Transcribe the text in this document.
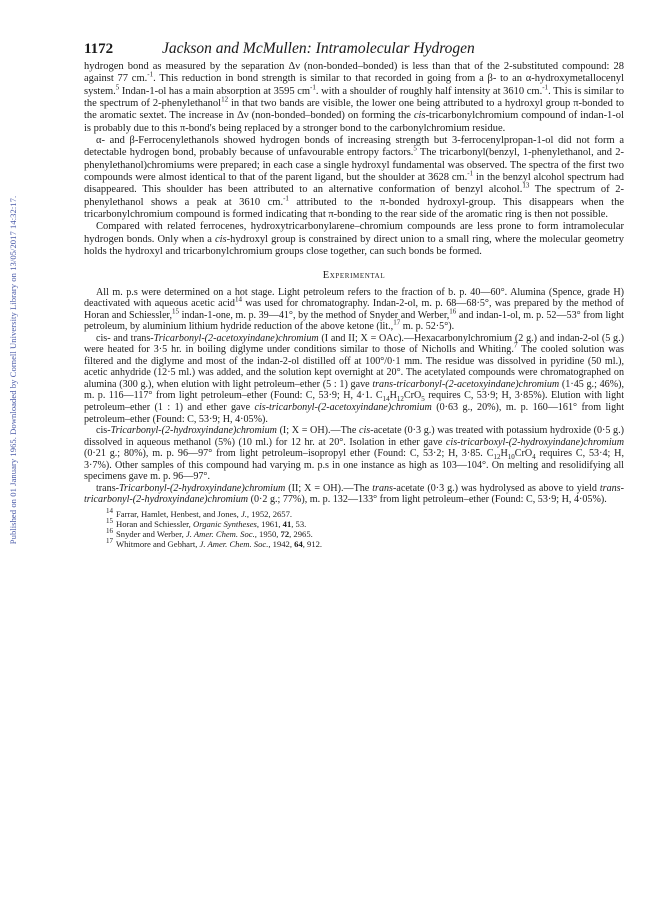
Published on 01 January 1965. Downloaded by Cornell University Library on 13/05/2017 14:32:17.
1172	Jackson and McMullen: Intramolecular Hydrogen

hydrogen bond as measured by the separation Δν (non-bonded–bonded) is less than that of the 2-substituted compound: 28 against 77 cm.$^{-1}$. This reduction in bond strength is similar to that recorded in going from a β- to an α-hydroxymetallocenyl system.$^5$ Indan-1-ol has a main absorption at 3595 $cm^{-1}$. with a shoulder of roughly half intensity at 3610 cm.$^{-1}$. This is similar to the spectrum of 2-phenylethanol$^{12}$ in that two bands are visible, the lower one being attributed to a hydroxyl group π-bonded to the aromatic sextet. The increase in Δν (non-bonded–bonded) on forming the cis-tricarbonylchromium compound of indan-1-ol is probably due to this π-bond's being replaced by a stronger bond to the carbonylchromium residue.

α- and β-Ferrocenylethanols showed hydrogen bonds of increasing strength but 3-ferrocenylpropan-1-ol did not form a detectable hydrogen bond, probably because of unfavourable entropy factors.$^5$ The tricarbonyl(benzyl, 1-phenylethanol, and 2-phenylethanol)chromiums were prepared; in each case a single hydroxyl fundamental was observed. The spectra of the first two compounds were almost identical to that of the parent ligand, but the shoulder at 3628 cm.$^{-1}$ in the benzyl alcohol spectrum had disappeared. This shoulder has been attributed to an alternative conformation of benzyl alcohol.$^{13}$ The spectrum of 2-phenylethanol shows a peak at 3610 cm.$^{-1}$ attributed to the π-bonded hydroxyl-group. This disappears when the tricarbonylchromium compound is formed indicating that π-bonding to the rear side of the aromatic ring is then not possible.

Compared with related ferrocenes, hydroxytricarbonylarene–chromium compounds are less prone to form intramolecular hydrogen bonds. Only when a cis-hydroxyl group is constrained by direct union to a small ring, where the molecular geometry holds the hydroxyl and tricarbonylchromium groups close together, can such bonds be formed.

Experimental

All m. p.s were determined on a hot stage. Light petroleum refers to the fraction of b. p. 40—60°. Alumina (Spence, grade H) deactivated with aqueous acetic acid$^{14}$ was used for chromatography. Indan-2-ol, m. p. 68—68·5°, was prepared by the method of Horan and Schiessler,$^{15}$ indan-1-one, m. p. 39—41°, by the method of Snyder and Werber,$^{16}$ and indan-1-ol, m. p. 52—53° from light petroleum, by aluminium lithium hydride reduction of the above ketone (lit.,$^{17}$ m. p. 52·5°).

cis- and trans-Tricarbonyl-(2-acetoxyindane)chromium (I and II; X = OAc).—Hexacarbonylchromium (2 g.) and indan-2-ol (5 g.) were heated for 3·5 hr. in boiling diglyme under conditions similar to those of Nicholls and Whiting.$^7$ The cooled solution was filtered and the diglyme and most of the indan-2-ol distilled off at 100°/0·1 mm. The residue was dissolved in pyridine (50 ml.), acetic anhydride (12·5 ml.) was added, and the solution kept overnight at 20°. The acetylated compounds were chromatographed on alumina (300 g.), when elution with light petroleum–ether (5 : 1) gave trans-tricarbonyl-(2-acetoxyindane)chromium (1·45 g.; 46%), m. p. 116—117° from light petroleum–ether (Found: C, 53·9; H, 4·1. $C_{14}H_{12}CrO_5$ requires C, 53·9; H, 3·85%). Elution with light petroleum–ether (1 : 1) and ether gave cis-tricarbonyl-(2-acetoxyindane)chromium (0·63 g., 20%), m. p. 160—161° from light petroleum–ether (Found: C, 53·9; H, 4·05%).

cis-Tricarbonyl-(2-hydroxyindane)chromium (I; X = OH).—The cis-acetate (0·3 g.) was treated with potassium hydroxide (0·5 g.) dissolved in aqueous methanol (5%) (10 ml.) for 12 hr. at 20°. Isolation in ether gave cis-tricarboxyl-(2-hydroxyindane)chromium (0·21 g.; 80%), m. p. 96—97° from light petroleum–isopropyl ether (Found: C, 53·2; H, 3·85. $C_{12}H_{10}CrO_4$ requires C, 53·4; H, 3·7%). Other samples of this compound had varying m. p.s in one instance as high as 103—104°. On melting and resolidifying all specimens gave m. p. 96—97°.

trans-Tricarbonyl-(2-hydroxyindane)chromium (II; X = OH).—The trans-acetate (0·3 g.) was hydrolysed as above to yield trans-tricarbonyl-(2-hydroxyindane)chromium (0·2 g.; 77%), m. p. 132—133° from light petroleum–ether (Found: C, 53·9; H, 4·05%).

$^{14}$ Farrar, Hamlet, Henbest, and Jones, J., 1952, 2657.
$^{15}$ Horan and Schiessler, Organic Syntheses, 1961, 41, 53.
$^{16}$ Snyder and Werber, J. Amer. Chem. Soc., 1950, 72, 2965.
$^{17}$ Whitmore and Gebhart, J. Amer. Chem. Soc., 1942, 64, 912.
